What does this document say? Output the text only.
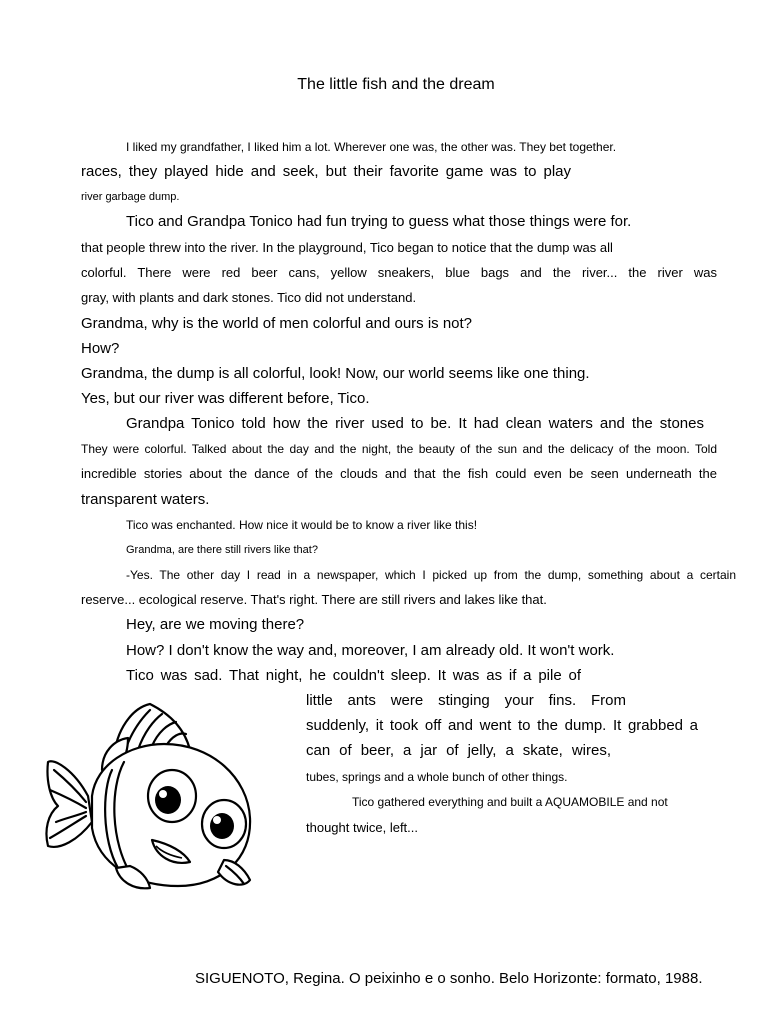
The little fish and the dream
I liked my grandfather, I liked him a lot. Wherever one was, the other was. They bet together.
races, they played hide and seek, but their favorite game was to play
river garbage dump.
Tico and Grandpa Tonico had fun trying to guess what those things were for.
that people threw into the river. In the playground, Tico began to notice that the dump was all
colorful. There were red beer cans, yellow sneakers, blue bags and the river... the river was
gray, with plants and dark stones. Tico did not understand.
Grandma, why is the world of men colorful and ours is not?
How?
Grandma, the dump is all colorful, look! Now, our world seems like one thing.
Yes, but our river was different before, Tico.
Grandpa Tonico told how the river used to be. It had clean waters and the stones
They were colorful. Talked about the day and the night, the beauty of the sun and the delicacy of the moon. Told
incredible stories about the dance of the clouds and that the fish could even be seen underneath the
transparent waters.
Tico was enchanted. How nice it would be to know a river like this!
Grandma, are there still rivers like that?
-Yes. The other day I read in a newspaper, which I picked up from the dump, something about a certain
reserve... ecological reserve. That's right. There are still rivers and lakes like that.
Hey, are we moving there?
How? I don't know the way and, moreover, I am already old. It won't work.
Tico was sad. That night, he couldn't sleep. It was as if a pile of
little ants were stinging your fins. From
suddenly, it took off and went to the dump. It grabbed a
can of beer, a jar of jelly, a skate, wires,
tubes, springs and a whole bunch of other things.
Tico gathered everything and built a AQUAMOBILE and not
thought twice, left...
SIGUENOTO, Regina. O peixinho e o sonho. Belo Horizonte: formato, 1988.
